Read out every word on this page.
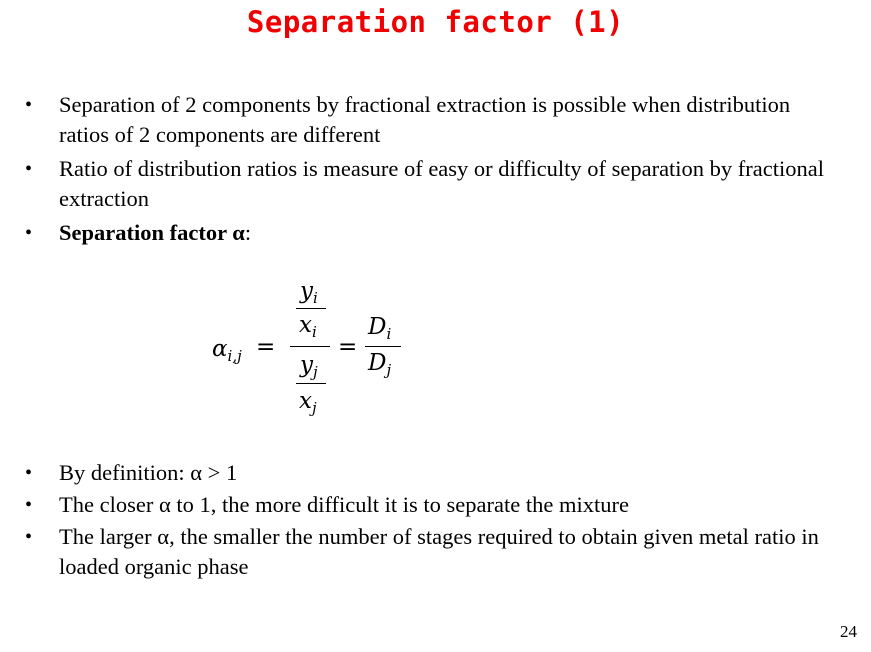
Separation factor (1)
• Separation of 2 components by fractional extraction is possible when distribution ratios of 2 components are different
• Ratio of distribution ratios is measure of easy or difficulty of separation by fractional extraction
• Separation factor α:
$\alpha_{i,j}$ =
$y_i$
$x_i$
$y_j$
$x_j$
=
$D_i$
$D_j$
• By definition: α > 1
• The closer α to 1, the more difficult it is to separate the mixture
• The larger α, the smaller the number of stages required to obtain given metal ratio in loaded organic phase
24
